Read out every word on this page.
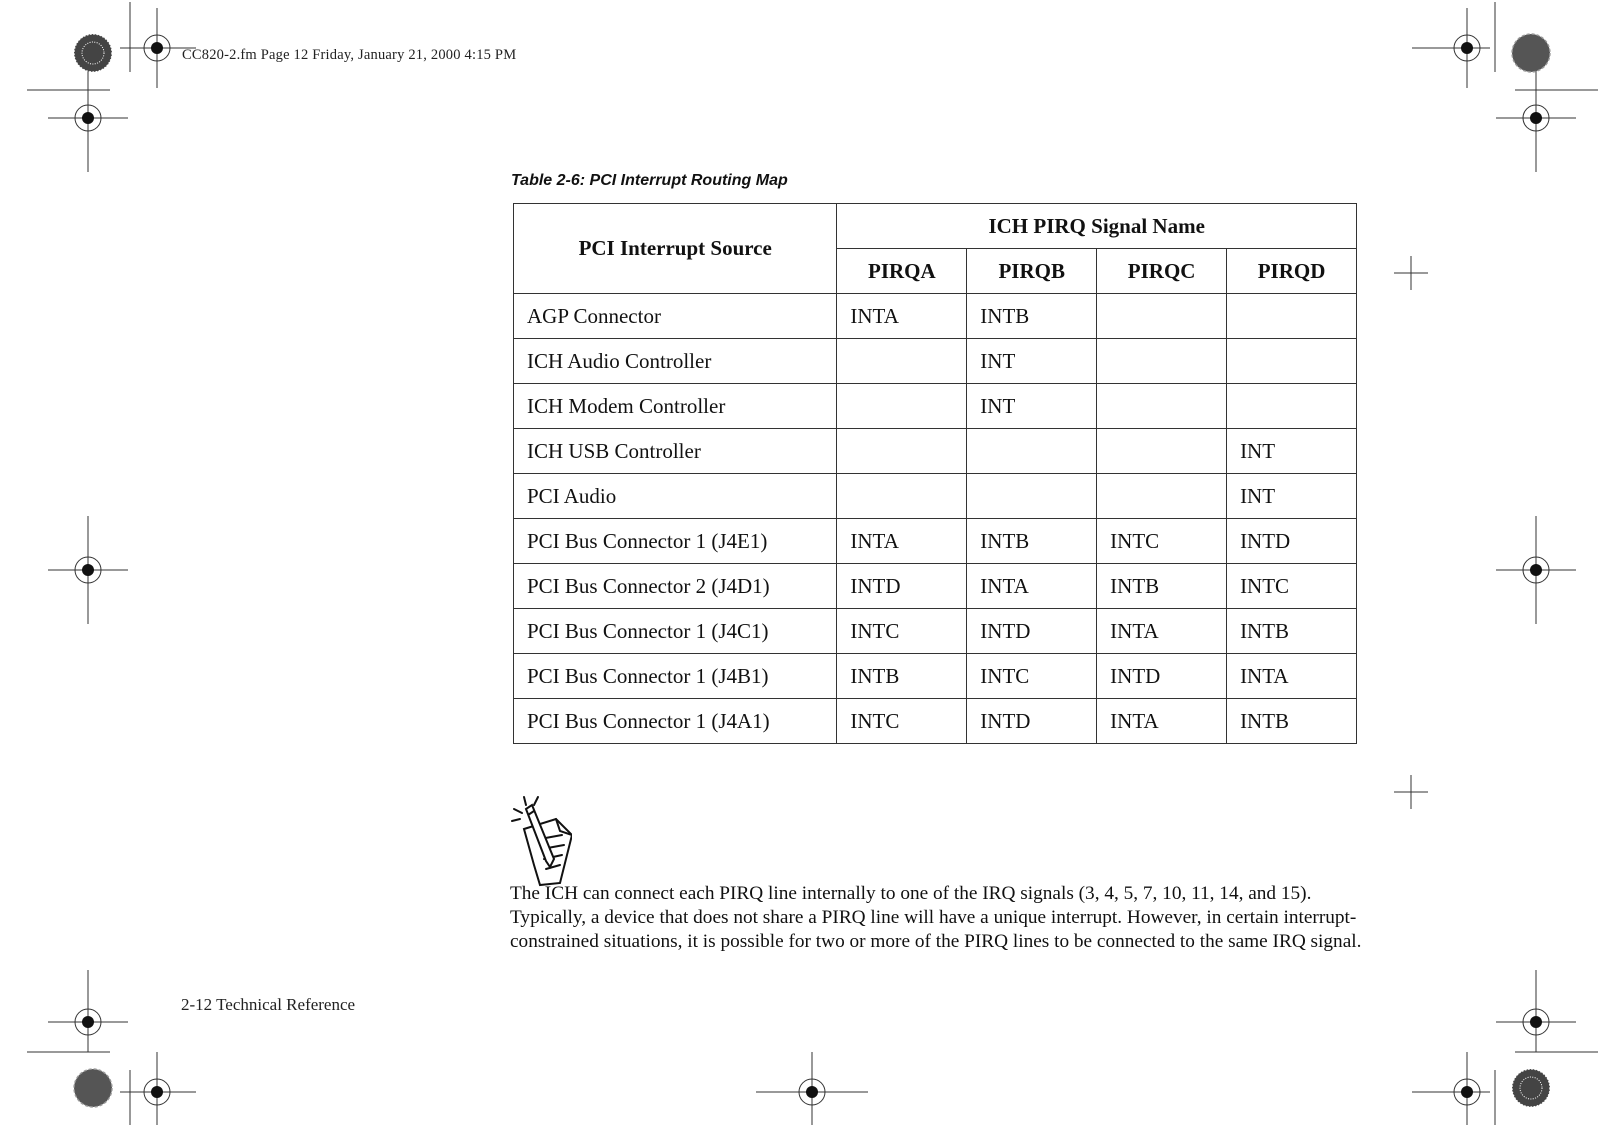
CC820-2.fm Page 12 Friday, January 21, 2000 4:15 PM
Table 2-6: PCI Interrupt Routing Map
PCI Interrupt Source	ICH PIRQ Signal Name			
	PIRQA	PIRQB	PIRQC	PIRQD
AGP Connector	INTA	INTB		
ICH Audio Controller		INT		
ICH Modem Controller		INT		
ICH USB Controller				INT
PCI Audio				INT
PCI Bus Connector 1 (J4E1)	INTA	INTB	INTC	INTD
PCI Bus Connector 2 (J4D1)	INTD	INTA	INTB	INTC
PCI Bus Connector 1 (J4C1)	INTC	INTD	INTA	INTB
PCI Bus Connector 1 (J4B1)	INTB	INTC	INTD	INTA
PCI Bus Connector 1 (J4A1)	INTC	INTD	INTA	INTB
The ICH can connect each PIRQ line internally to one of the IRQ signals (3, 4, 5, 7, 10, 11, 14, and 15). Typically, a device that does not share a PIRQ line will have a unique interrupt. However, in certain interrupt-constrained situations, it is possible for two or more of the PIRQ lines to be connected to the same IRQ signal.
2-12 Technical Reference
